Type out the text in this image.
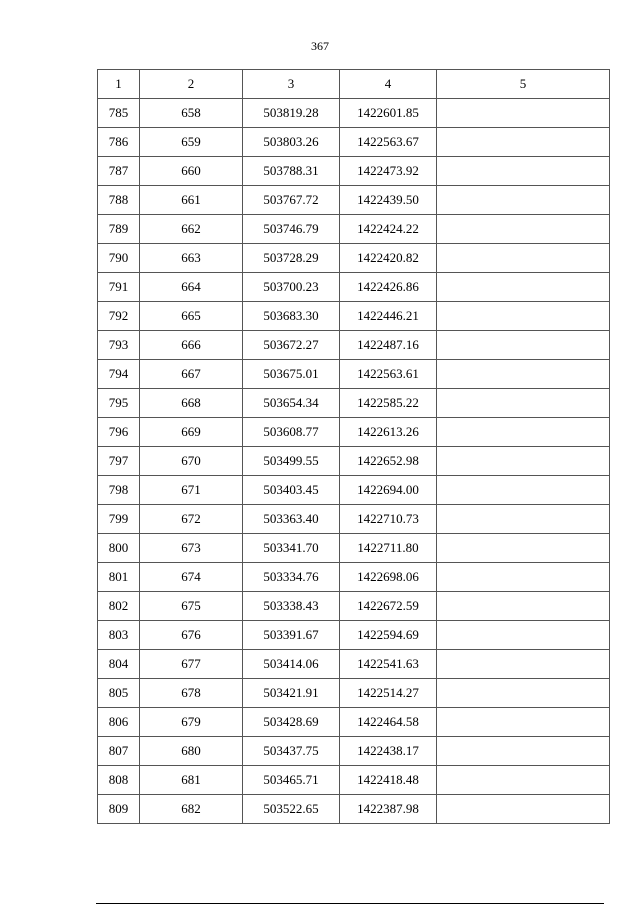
367
1	2	3	4	5
785	658	503819.28	1422601.85	
786	659	503803.26	1422563.67	
787	660	503788.31	1422473.92	
788	661	503767.72	1422439.50	
789	662	503746.79	1422424.22	
790	663	503728.29	1422420.82	
791	664	503700.23	1422426.86	
792	665	503683.30	1422446.21	
793	666	503672.27	1422487.16	
794	667	503675.01	1422563.61	
795	668	503654.34	1422585.22	
796	669	503608.77	1422613.26	
797	670	503499.55	1422652.98	
798	671	503403.45	1422694.00	
799	672	503363.40	1422710.73	
800	673	503341.70	1422711.80	
801	674	503334.76	1422698.06	
802	675	503338.43	1422672.59	
803	676	503391.67	1422594.69	
804	677	503414.06	1422541.63	
805	678	503421.91	1422514.27	
806	679	503428.69	1422464.58	
807	680	503437.75	1422438.17	
808	681	503465.71	1422418.48	
809	682	503522.65	1422387.98	
